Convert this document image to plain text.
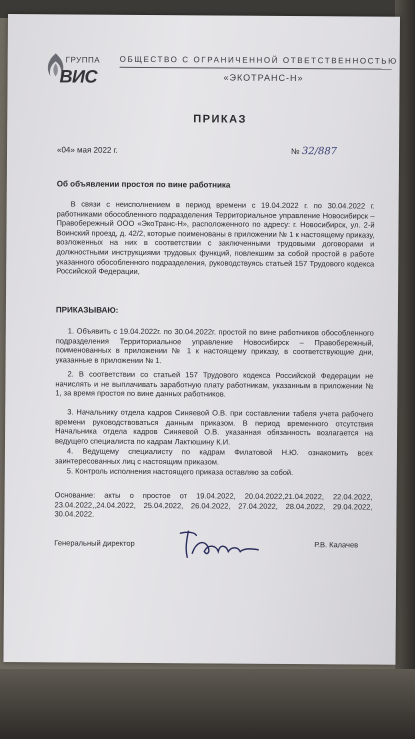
ГРУППА
ВИС
ОБЩЕСТВО С ОГРАНИЧЕННОЙ ОТВЕТСТВЕННОСТЬЮ
«ЭКОТРАНС-Н»
ПРИКАЗ
«04» мая 2022 г.	№ 32/887
Об объявлении простоя по вине работника
В связи с неисполнением в период времени с 19.04.2022 г. по 30.04.2022 г. работниками обособленного подразделения Территориальное управление Новосибирск – Правобережный ООО «ЭкоТранс-Н», расположенного по адресу: г. Новосибирск, ул. 2-й Воинский проезд, д. 42/2, которые поименованы в приложении № 1 к настоящему приказу, возложенных на них в соответствии с заключенными трудовыми договорами и должностными инструкциями трудовых функций, повлекшим за собой простой в работе указанного обособленного подразделения, руководствуясь статьей 157 Трудового кодекса Российской Федерации,
ПРИКАЗЫВАЮ:
1. Объявить с 19.04.2022г. по 30.04.2022г. простой по вине работников обособленного подразделения Территориальное управление Новосибирск – Правобережный, поименованных в приложении № 1 к настоящему приказу, в соответствующие дни, указанные в приложении № 1.
2. В соответствии со статьей 157 Трудового кодекса Российской Федерации не начислять и не выплачивать заработную плату работникам, указанным в приложении № 1, за время простоя по вине данных работников.
3. Начальнику отдела кадров Синяевой О.В. при составлении табеля учета рабочего времени руководствоваться данным приказом. В период временного отсутствия Начальника отдела кадров Синяевой О.В. указанная обязанность возлагается на ведущего специалиста по кадрам Лактюшину К.И.
4. Ведущему специалисту по кадрам Филатовой Н.Ю. ознакомить всех заинтересованных лиц с настоящим приказом.
5. Контроль исполнения настоящего приказа оставляю за собой.
Основание: акты о простое от 19.04.2022, 20.04.2022,21.04.2022, 22.04.2022, 23.04.2022,,24.04.2022, 25.04.2022, 26.04.2022, 27.04.2022, 28.04.2022, 29.04.2022, 30.04.2022.
Генеральный директор	Р.В. Калачев
